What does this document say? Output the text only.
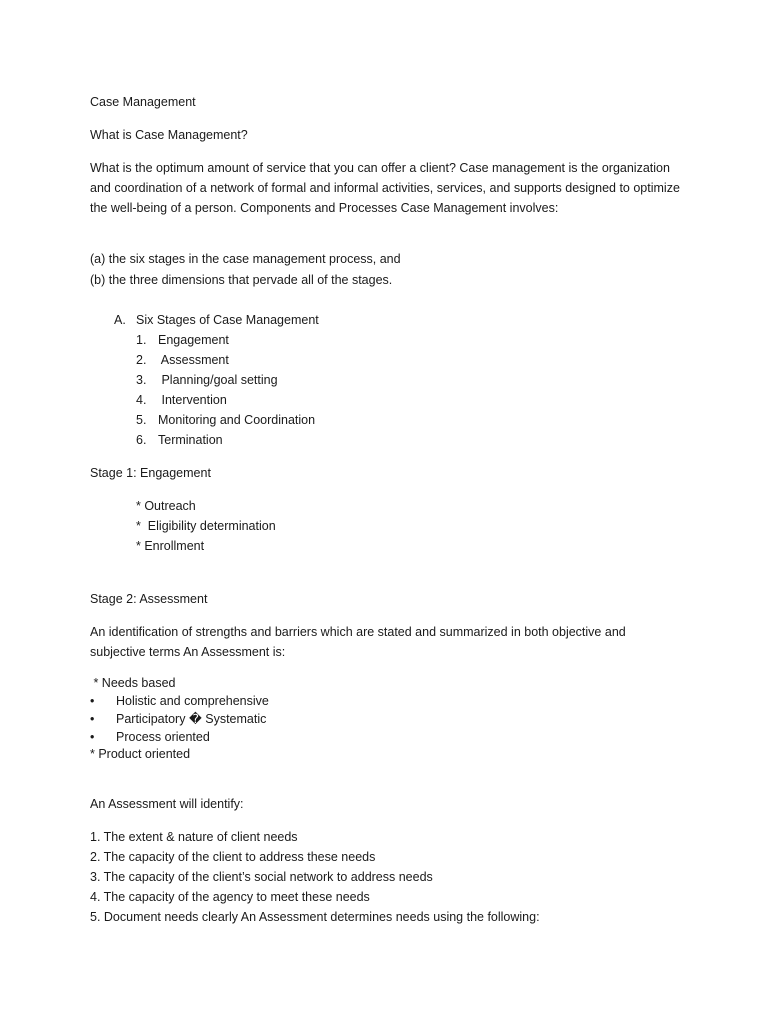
Case Management
What is Case Management?
What is the optimum amount of service that you can offer a client? Case management is the organization and coordination of a network of formal and informal activities, services, and supports designed to optimize the well-being of a person. Components and Processes Case Management involves:
(a) the six stages in the case management process, and
(b) the three dimensions that pervade all of the stages.
A. Six Stages of Case Management
1. Engagement
2. Assessment
3. Planning/goal setting
4. Intervention
5. Monitoring and Coordination
6. Termination
Stage 1: Engagement
* Outreach
*  Eligibility determination
* Enrollment
Stage 2: Assessment
An identification of strengths and barriers which are stated and summarized in both objective and subjective terms An Assessment is:
* Needs based
• Holistic and comprehensive
• Participatory � Systematic
• Process oriented
* Product oriented
An Assessment will identify:
1. The extent & nature of client needs
2. The capacity of the client to address these needs
3. The capacity of the client’s social network to address needs
4. The capacity of the agency to meet these needs
5. Document needs clearly An Assessment determines needs using the following:
